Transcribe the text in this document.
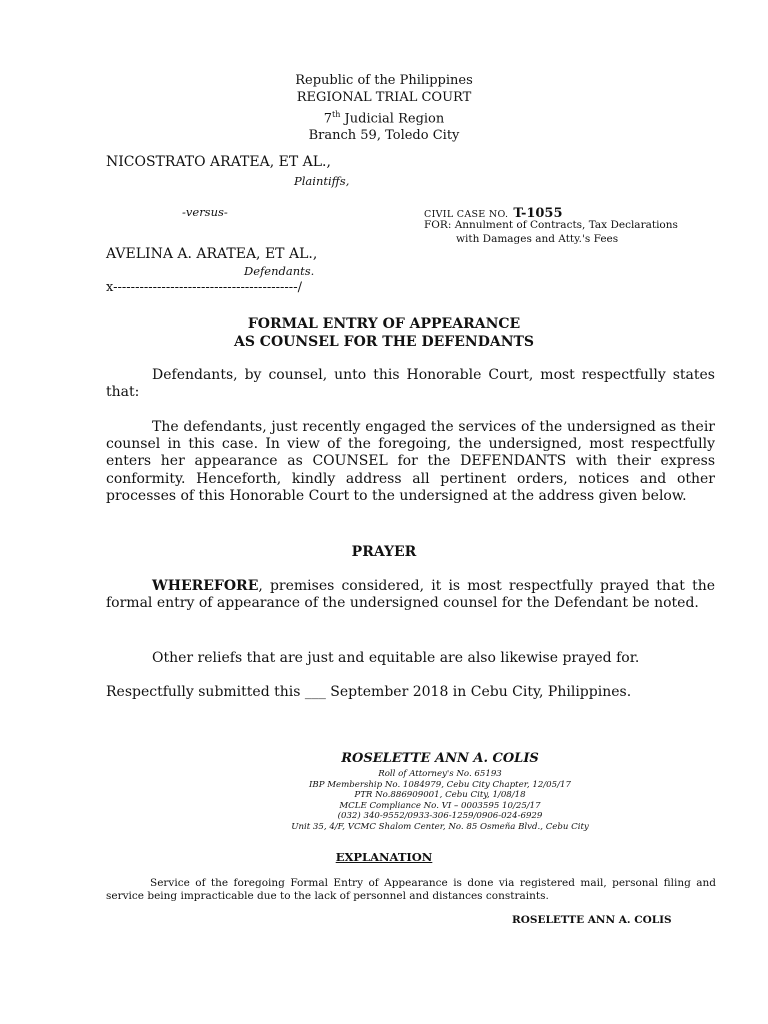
Republic of the Philippines
REGIONAL TRIAL COURT
7th Judicial Region
Branch 59, Toledo City
NICOSTRATO ARATEA, ET AL.,
Plaintiffs,
-versus-	CIVIL CASE NO. T-1055
FOR: Annulment of Contracts, Tax Declarations
with Damages and Atty.'s Fees
AVELINA A. ARATEA, ET AL.,
Defendants.
x------------------------------------------/
FORMAL ENTRY OF APPEARANCE
AS COUNSEL FOR THE DEFENDANTS
Defendants, by counsel, unto this Honorable Court, most respectfully states that:
The defendants, just recently engaged the services of the undersigned as their counsel in this case. In view of the foregoing, the undersigned, most respectfully enters her appearance as COUNSEL for the DEFENDANTS with their express conformity. Henceforth, kindly address all pertinent orders, notices and other processes of this Honorable Court to the undersigned at the address given below.
PRAYER
WHEREFORE, premises considered, it is most respectfully prayed that the formal entry of appearance of the undersigned counsel for the Defendant be noted.
Other reliefs that are just and equitable are also likewise prayed for.
Respectfully submitted this ___ September 2018 in Cebu City, Philippines.
ROSELETTE ANN A. COLIS
Roll of Attorney's No. 65193
IBP Membership No. 1084979, Cebu City Chapter, 12/05/17
PTR No.886909001, Cebu City, 1/08/18
MCLE Compliance No. VI – 0003595 10/25/17
(032) 340-9552/0933-306-1259/0906-024-6929
Unit 35, 4/F, VCMC Shalom Center, No. 85 Osmeña Blvd., Cebu City
EXPLANATION
Service of the foregoing Formal Entry of Appearance is done via registered mail, personal filing and service being impracticable due to the lack of personnel and distances constraints.
ROSELETTE ANN A. COLIS
